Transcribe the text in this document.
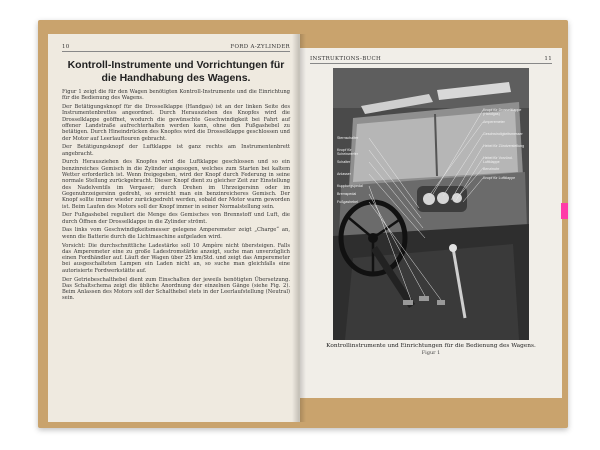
10	FORD A-ZYLINDER
Kontroll-Instrumente und Vorrichtungen für die Handhabung des Wagens.

Figur 1 zeigt die für den Wagen benötigten Kontroll-Instrumente und die Einrichtung für die Bedienung des Wagens.

Der Betätigungsknopf für die Drosselklappe (Handgas) ist an der linken Seite des Instrumentenbrettes angeordnet. Durch Herausziehen des Knopfes wird die Drosselklappe geöffnet, wodurch die gewünschte Geschwindigkeit bei Fahrt auf offener Landstraße aufrechterhalten werden kann, ohne den Fußgashebel zu betätigen. Durch Hineindrücken des Knopfes wird die Drosselklappe geschlossen und der Motor auf Leerlauftouren gebracht.

Der Betätigungsknopf der Luftklappe ist ganz rechts am Instrumentenbrett angebracht.

Durch Herausziehen des Knopfes wird die Luftklappe geschlossen und so ein benzinreiches Gemisch in die Zylinder angesogen, welches zum Starten bei kaltem Wetter erforderlich ist. Wenn freigegeben, wird der Knopf durch Federung in seine normale Stellung zurückgebracht. Dieser Knopf dient zu gleicher Zeit zur Einstellung des Nadelventils im Vergaser; durch Drehen im Uhrzeigersinn oder im Gegenuhrzeigersinn gedreht, so erreicht man ein benzinreicheres Gemisch. Der Knopf sollte immer wieder zurückgedreht werden, sobald der Motor warm geworden ist. Beim Laufen des Motors soll der Knopf immer in seiner Normalstellung sein.

Der Fußgashebel reguliert die Menge des Gemisches von Brennstoff und Luft, die durch Öffnen der Drosselklappe in die Zylinder strömt.

Das links vom Geschwindigkeitsmesser gelegene Amperemeter zeigt „Charge“ an, wenn die Batterie durch die Lichtmaschine aufgeladen wird.

Vorsicht: Die durchschnittliche Ladestärke soll 10 Ampère nicht übersteigen. Falls das Amperemeter eine zu große Ladestromstärke anzeigt, suche man unverzüglich einen Fordhändler auf. Läuft der Wagen über 25 km/Std. und zeigt das Amperemeter bei ausgeschalteten Lampen ein Laden nicht an, so suche man gleichfalls eine autorisierte Fordwerkstätte auf.

Der Getriebeschalthebel dient zum Einschalten der jeweils benötigten Übersetzung. Das Schaltschema zeigt die übliche Anordnung der einzelnen Gänge (siehe Fig. 2). Beim Anlassen des Motors soll der Schalthebel stets in der Leerlaufstellung (Neutral) sein.

INSTRUKTIONS-BUCH	11
Knopf für Drosselklappe (Handgas)
Amperemeter
Geschwindigkeitsmesser
Hebel für Zündverstellung
Hebel für Vorzünd. Luftklappe
Benzinuhr
Knopf für Luftklappe
Sternschalter
Knopf für Scheinwerfer
Schalter
Anlasser
Kupplungspedal
Bremspedal
Fußgashebel
Kontrollinstrumente und Einrichtungen für die Bedienung des Wagens.
Figur 1
